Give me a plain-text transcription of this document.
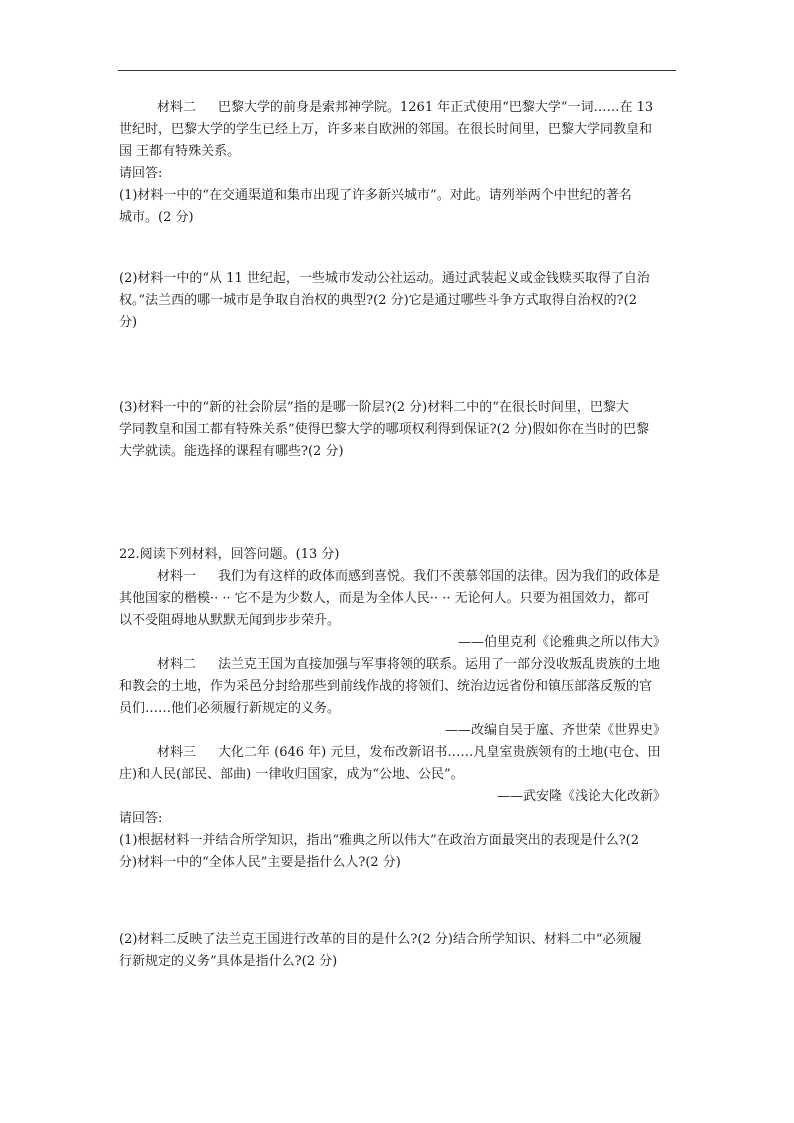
材料二 巴黎大学的前身是索邦神学院。1261 年正式使用“巴黎大学”一词……在 13

世纪时，巴黎大学的学生已经上万，许多来自欧洲的邻国。在很长时间里，巴黎大学同教皇和

国 王都有特殊关系。

请回答:

(1)材料一中的“在交通渠道和集市出现了许多新兴城市”。对此。请列举两个中世纪的著名

城市。(2 分)

(2)材料一中的“从 11 世纪起，一些城市发动公社运动。通过武装起义或金钱赎买取得了自治

权。”法兰西的哪一城市是争取自治权的典型?(2 分)它是通过哪些斗争方式取得自治权的?(2

分)

(3)材料一中的“新的社会阶层”指的是哪一阶层?(2 分)材料二中的“在很长时间里，巴黎大

学同教皇和国工都有特殊关系”使得巴黎大学的哪项权利得到保证?(2 分)假如你在当时的巴黎

大学就读。能选择的课程有哪些?(2 分)

22.阅读下列材料，回答问题。(13 分)

材料一 我们为有这样的政体而感到喜悦。我们不羡慕邻国的法律。因为我们的政体是

其他国家的楷模·· ·· 它不是为少数人，而是为全体人民·· ·· 无论何人。只要为祖国效力，都可

以不受阻碍地从默默无闻到步步荣升。

——伯里克利《论雅典之所以伟大》

材料二 法兰克王国为直接加强与军事将领的联系。运用了一部分没收叛乱贵族的土地

和教会的土地，作为采邑分封给那些到前线作战的将领们、统治边远省份和镇压部落反叛的官

员们……他们必须履行新规定的义务。

——改编自吴于廑、齐世荣《世界史》

材料三 大化二年 (646 年) 元旦，发布改新诏书……凡皇室贵族领有的土地(屯仓、田

庄)和人民(部民、部曲) 一律收归国家，成为“公地、公民”。

——武安隆《浅论大化改新》

请回答:

(1)根据材料一并结合所学知识，指出“雅典之所以伟大”在政治方面最突出的表现是什么?(2

分)材料一中的“全体人民”主要是指什么人?(2 分)

(2)材料二反映了法兰克王国进行改革的目的是什么?(2 分)结合所学知识、材料二中“必须履

行新规定的义务”具体是指什么?(2 分)
